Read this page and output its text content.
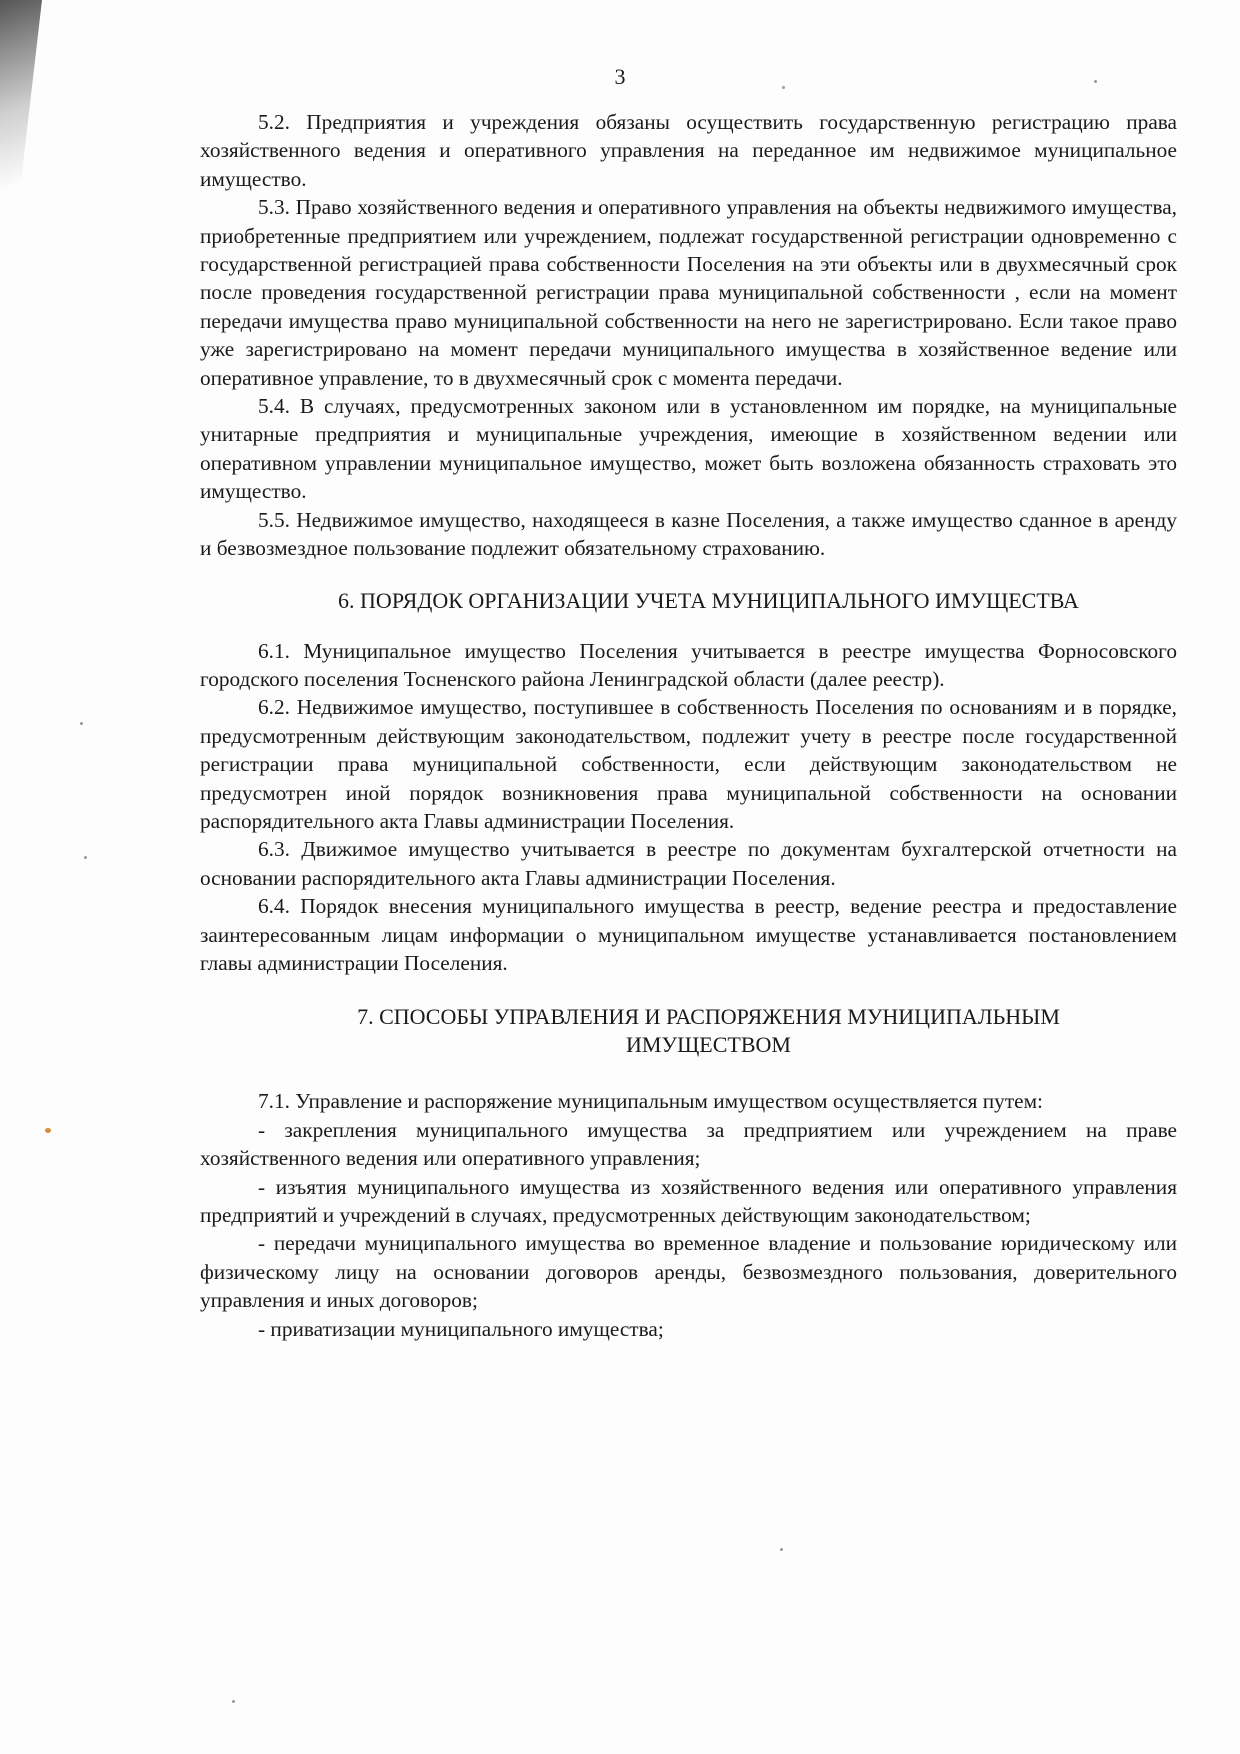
3

5.2. Предприятия и учреждения обязаны осуществить государственную регистрацию права хозяйственного ведения и оперативного управления на переданное им недвижимое муниципальное имущество.

5.3. Право хозяйственного ведения и оперативного управления на объекты недвижимого имущества, приобретенные предприятием или учреждением, подлежат государственной регистрации одновременно с государственной регистрацией права собственности Поселения на эти объекты или в двухмесячный срок после проведения государственной регистрации права муниципальной собственности , если на момент передачи имущества право муниципальной собственности на него не зарегистрировано. Если такое право уже зарегистрировано на момент передачи муниципального имущества в хозяйственное ведение или оперативное управление, то в двухмесячный срок с момента передачи.

5.4. В случаях, предусмотренных законом или в установленном им порядке, на муниципальные унитарные предприятия и муниципальные учреждения, имеющие в хозяйственном ведении или оперативном управлении муниципальное имущество, может быть возложена обязанность страховать это имущество.

5.5. Недвижимое имущество, находящееся в казне Поселения, а также имущество сданное в аренду и безвозмездное пользование подлежит обязательному страхованию.

6. ПОРЯДОК ОРГАНИЗАЦИИ УЧЕТА МУНИЦИПАЛЬНОГО ИМУЩЕСТВА

6.1. Муниципальное имущество Поселения учитывается в реестре имущества Форносовского городского поселения Тосненского района Ленинградской области (далее реестр).

6.2. Недвижимое имущество, поступившее в собственность Поселения по основаниям и в порядке, предусмотренным действующим законодательством, подлежит учету в реестре после государственной регистрации права муниципальной собственности, если действующим законодательством не предусмотрен иной порядок возникновения права муниципальной собственности на основании распорядительного акта Главы администрации Поселения.

6.3. Движимое имущество учитывается в реестре по документам бухгалтерской отчетности на основании распорядительного акта Главы администрации Поселения.

6.4. Порядок внесения муниципального имущества в реестр, ведение реестра и предоставление заинтересованным лицам информации о муниципальном имуществе устанавливается постановлением главы администрации Поселения.

7. СПОСОБЫ УПРАВЛЕНИЯ И РАСПОРЯЖЕНИЯ МУНИЦИПАЛЬНЫМ
ИМУЩЕСТВОМ

7.1. Управление и распоряжение муниципальным имуществом осуществляется путем:

- закрепления муниципального имущества за предприятием или учреждением на праве хозяйственного ведения или оперативного управления;

- изъятия муниципального имущества из хозяйственного ведения или оперативного управления предприятий и учреждений в случаях, предусмотренных действующим законодательством;

- передачи муниципального имущества во временное владение и пользование юридическому или физическому лицу на основании договоров аренды, безвозмездного пользования, доверительного управления и иных договоров;

- приватизации муниципального имущества;
